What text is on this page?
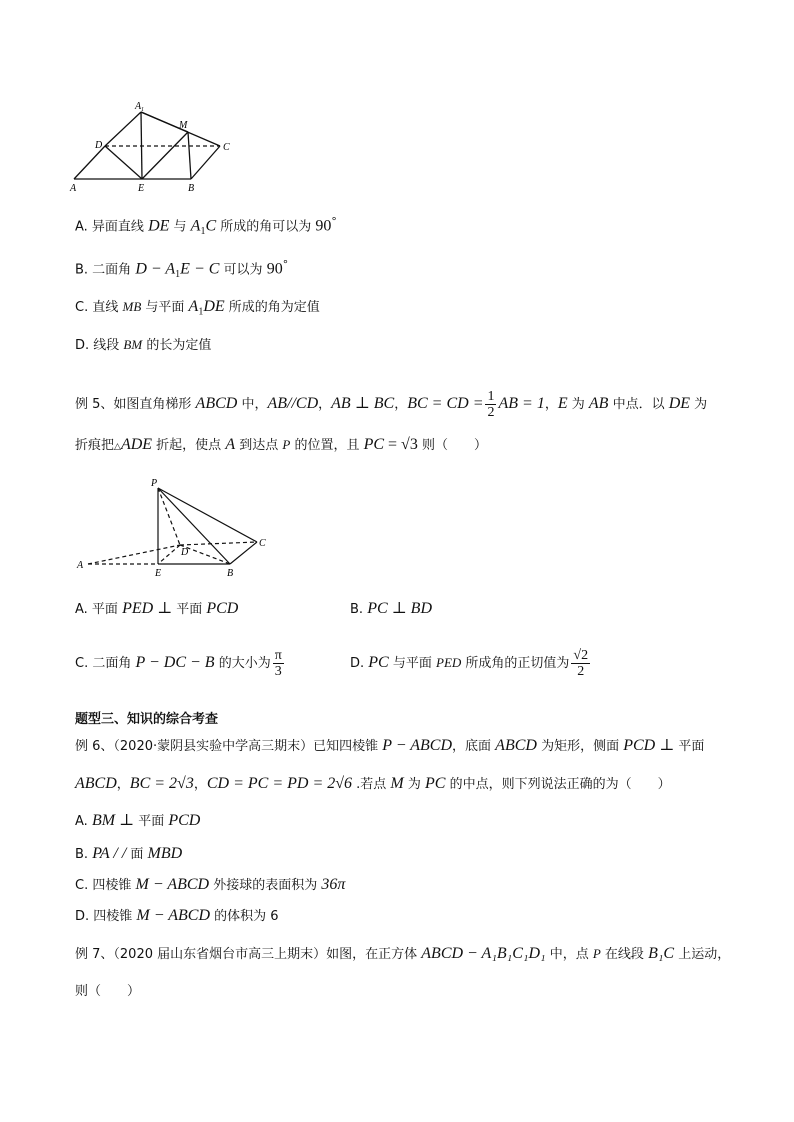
A 1
M
D	C
A	E	B
A. 异面直线 DE 与 $A_1C$ 所成的角可以为 90°
B. 二面角 $D - A_1E - C$ 可以为 90°
C. 直线 MB 与平面 $A_1DE$ 所成的角为定值
D. 线段 BM 的长为定值
例 5、如图直角梯形 ABCD 中，AB//CD，AB ⊥ BC，BC = CD = $\frac{1}{2}$ AB = 1，E 为 AB 中点．以 DE 为
折痕把△ADE 折起，使点 A 到达点 P 的位置，且 PC = √3 则（　　）
P
C
D
A
E	B
A. 平面 PED ⊥ 平面 PCD	B. PC ⊥ BD
C. 二面角 P − DC − B 的大小为 $\frac{\pi}{3}$	D. PC 与平面 PED 所成角的正切值为 $\frac{√2}{2}$
题型三、知识的综合考查
例 6、（2020·蒙阴县实验中学高三期末）已知四棱锥 P − ABCD，底面 ABCD 为矩形，侧面 PCD ⊥ 平面
ABCD，BC = 2√3，CD = PC = PD = 2√6 .若点 M 为 PC 的中点，则下列说法正确的为（　　）
A. BM ⊥ 平面 PCD
B. PA / / 面 MBD
C. 四棱锥 M − ABCD 外接球的表面积为 36π
D. 四棱锥 M − ABCD 的体积为 6
例 7、（2020 届山东省烟台市高三上期末）如图，在正方体 ABCD − A₁B₁C₁D₁ 中，点 P 在线段 B₁C 上运动，
则（　　）
